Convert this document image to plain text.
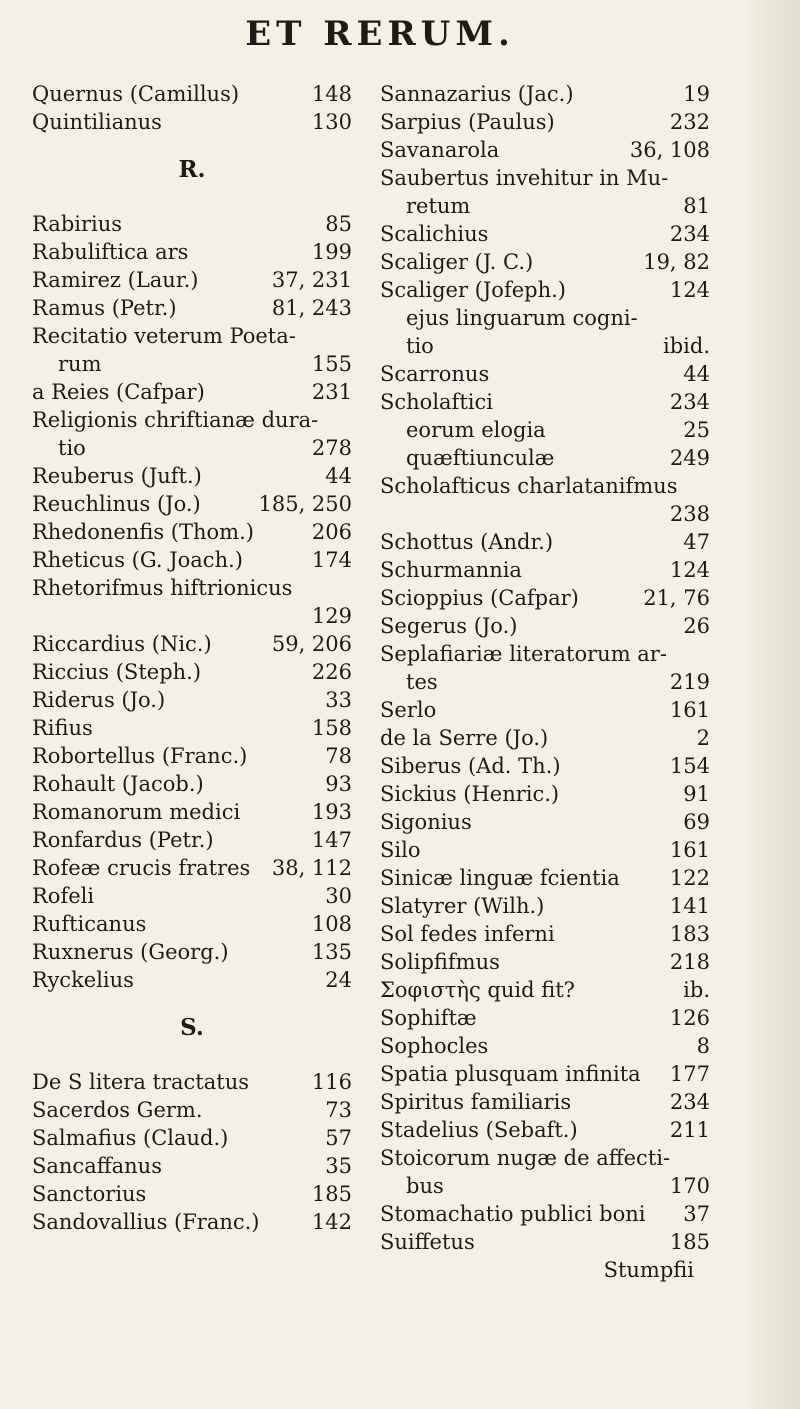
ET RERUM.
Quernus (Camillus)	148
Quintilianus	130
R.
Rabirius	85
Rabuliftica ars	199
Ramirez (Laur.)	37, 231
Ramus (Petr.)	81, 243
Recitatio veterum Poeta-
rum	155
a Reies (Cafpar)	231
Religionis chriftianæ dura-
tio	278
Reuberus (Juft.)	44
Reuchlinus (Jo.)	185, 250
Rhedonenfis (Thom.)	206
Rheticus (G. Joach.)	174
Rhetorifmus hiftrionicus
129
Riccardius (Nic.)	59, 206
Riccius (Steph.)	226
Riderus (Jo.)	33
Rifius	158
Robortellus (Franc.)	78
Rohault (Jacob.)	93
Romanorum medici	193
Ronfardus (Petr.)	147
Rofeæ crucis fratres	38, 112
Rofeli	30
Rufticanus	108
Ruxnerus (Georg.)	135
Ryckelius	24
S.
De S litera tractatus	116
Sacerdos Germ.	73
Salmafius (Claud.)	57
Sancaffanus	35
Sanctorius	185
Sandovallius (Franc.)	142
Sannazarius (Jac.)	19
Sarpius (Paulus)	232
Savanarola	36, 108
Saubertus invehitur in Mu-
retum	81
Scalichius	234
Scaliger (J. C.)	19, 82
Scaliger (Jofeph.)	124
ejus linguarum cogni-
tio	ibid.
Scarronus	44
Scholaftici	234
eorum elogia	25
quæftiunculæ	249
Scholafticus charlatanifmus
238
Schottus (Andr.)	47
Schurmannia	124
Scioppius (Cafpar)	21, 76
Segerus (Jo.)	26
Seplafiariæ literatorum ar-
tes	219
Serlo	161
de la Serre (Jo.)	2
Siberus (Ad. Th.)	154
Sickius (Henric.)	91
Sigonius	69
Silo	161
Sinicæ linguæ fcientia	122
Slatyrer (Wilh.)	141
Sol fedes inferni	183
Solipfifmus	218
Σοφιστὴς quid fit?	ib.
Sophiftæ	126
Sophocles	8
Spatia plusquam infinita	177
Spiritus familiaris	234
Stadelius (Sebaft.)	211
Stoicorum nugæ de affecti-
bus	170
Stomachatio publici boni	37
Suiffetus	185
Stumpfii
